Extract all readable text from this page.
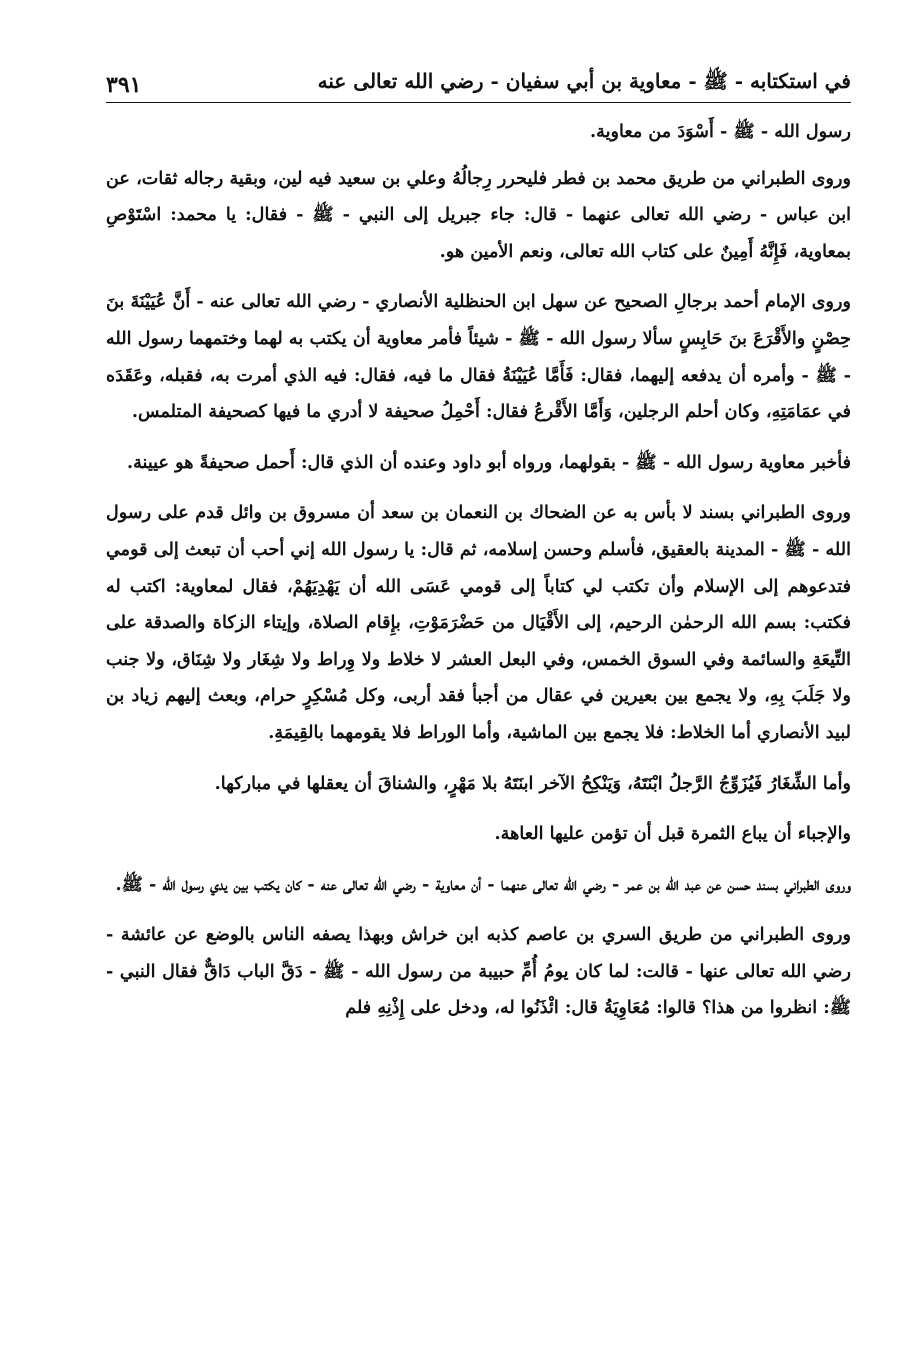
في استكتابه - ﷺ - معاوية بن أبي سفيان - رضي الله تعالى عنه
٣٩١

رسول الله - ﷺ - أَسْوَدَ من معاوية.

وروى الطبراني من طريق محمد بن فطر فليحرر رِجالُهُ وعلي بن سعيد فيه لين، وبقية رجاله ثقات، عن ابن عباس - رضي الله تعالى عنهما - قال: جاء جبريل إلى النبي - ﷺ - فقال: يا محمد: اسْتَوْصِ بمعاوية، فَإِنَّهُ أَمِينٌ على كتاب الله تعالى، ونعم الأمين هو.

وروى الإمام أحمد برجالِ الصحيح عن سهل ابن الحنظلية الأنصاري - رضي الله تعالى عنه - أَنَّ عُيَيْنَةَ بنَ حِصْنٍ والأَقْرَعَ بنَ حَابِسٍ سألا رسول الله - ﷺ - شيئاً فأمر معاوية أن يكتب به لهما وختمهما رسول الله - ﷺ - وأمره أن يدفعه إليهما، فقال: فَأَمَّا عُيَيْنَةُ فقال ما فيه، فقال: فيه الذي أمرت به، فقبله، وعَقَدَه في عمَامَتِهِ، وكان أحلم الرجلين، وَأَمَّا الأَقْرعُ فقال: أَحْمِلُ صحيفة لا أدري ما فيها كصحيفة المتلمس.

فأخبر معاوية رسول الله - ﷺ - بقولهما، ورواه أبو داود وعنده أن الذي قال: أَحمل صحيفةً هو عيينة.

وروى الطبراني بسند لا بأس به عن الضحاك بن النعمان بن سعد أن مسروق بن وائل قدم على رسول الله - ﷺ - المدينة بالعقيق، فأسلم وحسن إسلامه، ثم قال: يا رسول الله إني أحب أن تبعث إلى قومي فتدعوهم إلى الإسلام وأن تكتب لي كتاباً إلى قومي عَسَى الله أن يَهْدِيَهُمْ، فقال لمعاوية: اكتب له فكتب: بسم الله الرحمٰن الرحيم، إلى الأَقْيَال من حَضْرَمَوْتِ، بإِقام الصلاة، وإيتاء الزكاة والصدقة على التِّيعَةِ والسائمة وفي السوق الخمس، وفي البعل العشر لا خلاط ولا وِراط ولا شِغَار ولا شِنَاق، ولا جنب ولا جَلَبَ بِهِ، ولا يجمع بين بعيرين في عقال من أجبأ فقد أربى، وكل مُسْكِرٍ حرام، وبعث إليهم زياد بن لبيد الأنصاري أما الخلاط: فلا يجمع بين الماشية، وأما الوراط فلا يقومهما بالقِيمَةِ.

وأما الشِّغَارُ فَيُزَوِّجُ الرَّجلُ ابْنَتَهُ، وَيَنْكِحُ الآخر ابنَتَهُ بلا مَهْرٍ، والشناقَ أن يعقلها في مباركها.

والإجباء أن يباع الثمرة قبل أن تؤمن عليها العاهة.

وروى الطبراني بسند حسن عن عبد الله بن عمر - رضي الله تعالى عنهما - أن معاوية - رضي الله تعالى عنه - كان يكتب بين يدي رسول الله - ﷺ.

وروى الطبراني من طريق السري بن عاصم كذبه ابن خراش وبهذا يصفه الناس بالوضع عن عائشة - رضي الله تعالى عنها - قالت: لما كان يومُ أُمِّ حبيبة من رسول الله - ﷺ - دَقَّ الباب دَاقٌّ فقال النبي - ﷺ: انظروا من هذا؟ قالوا: مُعَاوِيَةُ قال: ائْذَنُوا له، ودخل على إِذْنِهِ فلم
